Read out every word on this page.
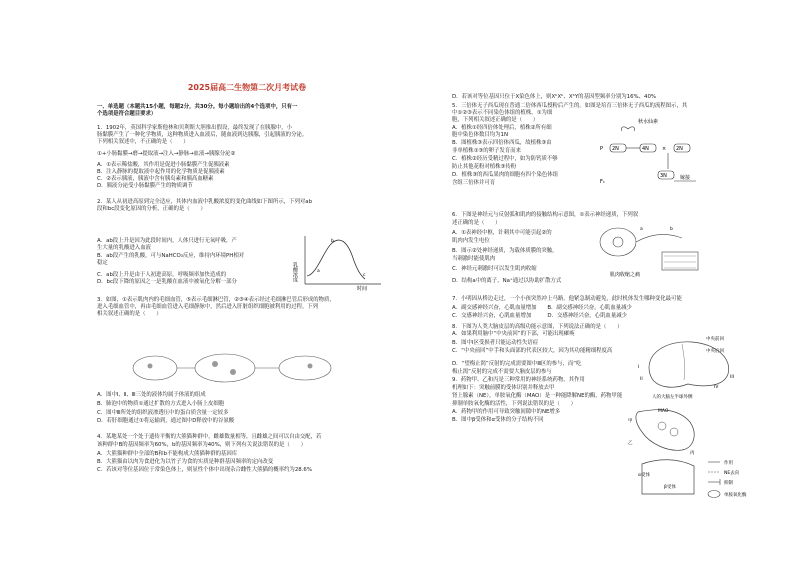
2025届高二生物第二次月考试卷
一、单选题（本题共15小题，每题2分，共30分。每小题给出的4个选项中，只有一
个选项是符合题目要求）
1．1902年，英国科学家斯他林和贝利斯大胆推出假设，最终发现了在胰腺中，小
肠黏膜产生了一种化学物质，这种物质进入血液后，随血液到达胰腺，引起胰液的分泌。
下列相关叙述中，不正确的是（　　）
①+小肠黏膜→磨→提取液→注入→静脉→血液→胰腺分泌②
A．①表示稀盐酸，其作用是促进小肠黏膜产生促胰液素
B．注入静脉的提取液中起作用的化学物质是促胰液素
C．②表示胰液，胰液中含有胰岛素和胰高血糖素
D．胰液分泌受小肠黏膜产生的物质调节
2．某人从初进高原到完全适应，其体内血液中乳酸浓度的变化曲线如下图所示，下列对ab
段和bc段变化原因的分析，正确的是（　　）
A．ab段上升是因为此段时间内，人体只进行无氧呼吸，产
生大量的乳酸进入血液
B．ab段产生的乳酸，可与NaHCO₃反应，维持内环境PH相对
稳定
C．ab段上升是由于人初进高原，呼吸频率加快造成的
D．bc段下降的原因之一是乳酸在血液中被氧化分解一部分
3．如图，①表示肌肉内的毛细血管，⑤表示毛细淋巴管，②③④表示经过毛细淋巴管后形成的物质，
进入毛细血管中，再由毛细血管进入毛细静脉中，然后进入肝脏组织细胞被利用的过程。下列
相关叙述正确的是（　　）
A．图中Ⅰ、Ⅱ、Ⅲ三处的液体均属于体液的组成
B．肺泡中的物质①通过扩散的方式进入小肠上皮细胞
C．图中Ⅲ所处的组织液渗透压中的蛋白质含量一定较多
D．若肝细胞通过①将运输到，通过图中D释放中的谷氨酸
4．某地某处一个处于遗传平衡的大熊猫种群中，雌雄数量相等，且雌雄之间可以自由交配，若
该种群中B的基因频率为60%，b的基因频率为40%，则下列有关说法错误的是（　　）
A．大熊猫种群中全部的B和b不能构成大熊猫种群的基因库
B．大熊猫由以肉为食进化为以竹子为食的实质是种群基因频率的定向改变
C．若该对等位基因位于常染色体上，则显性个体中出现杂合雌性大熊猫的概率约为28.6%
D．若该对等位基因只位于X染色体上，则XᵇXᵇ、XᵇY的基因型频率分别为16%、40%
5．三倍体无子西瓜现在普通二倍体西瓜授粉后产生的。如图是培育三倍体无子西瓜的流程图示，其
中①②③表示不同染色体组的植株，①为细
胞，下列相关叙述正确的是（　　）
A．植株①经四倍体处理后，植株②所有细
胞中染色体数目均为1N
B．图植株③表示四倍体西瓜，故植株③由
非单植株①③的卵子发育而来
C．植株②经历受精过程中，如为防钙质不够
防止其他花粉对植株③传粉
D．植株③的西瓜果肉的细胞有四个染色体组
含组三倍体并可育
6．下图是神经元与反射弧和肌肉的接触结构示意图，①表示神经递质，下列叙
述正确的是（　　）
A．①表神经中枢，针刺其中可能引起②的
肌肉内发生电位
B．图示②处神经递质，为载体质膜的突触，
当刺激时能使肌肉
C．神经元刺激时可以发生肌肉收缩
D．结构a中的离子，Na⁺通过以协助扩散方式
7．小明因从桥边走过，一个小孩突然冲上马路，他紧急制动避免，此时机体发生哪种变化最可能
A．副交感神经兴奋，心肌血量增加　　B．副交感神经兴奋，心肌血量减少
C．交感神经兴奋，心肌血量增加　　　D．交感神经兴奋，心肌血量减少
8．下图为人类大脑皮层的高级功能示意图，下列说法正确的是（　　）
A．如果利用脑中“中央前回”的下部，可能出现瘫痪
B．图中Ⅰ区受损者只能运动性失语症
C．“中央前回”中手和头面部的代表区较大，因为其功能精细程度高
D．“望梅止渴”反射的完成需要图中Ⅲ区的参与，而“吃
梅止渴”反射的完成不需要大脑皮层的参与
9．药物甲、乙和丙是三种常用的神经系统药物，其作用
机理如下：突触前膜的受体识别并释放去甲
肾上腺素（NE），单胺氧化酶（MAO）是一种能降解NE的酶，药物甲能
抑制单胺氧化酶的活性，下列说法错误的是（　　）
A．药物甲的作用可导致突触间隙中的NE增多
B．图中β受体和α受体的分子结构不同
乳酸浓度
时间
a
b
c
秋水仙素
P 2N	4N	× 2N
F₁
3N	嫁接
肌肉收缩之痛
a	b
中央前回
中央后回
I
II	III
IV
人的大脑左半球外侧
甲
乙
丙
MAO
α受体
β受体
作用
NE去向
抑制
单胺氧化酶
